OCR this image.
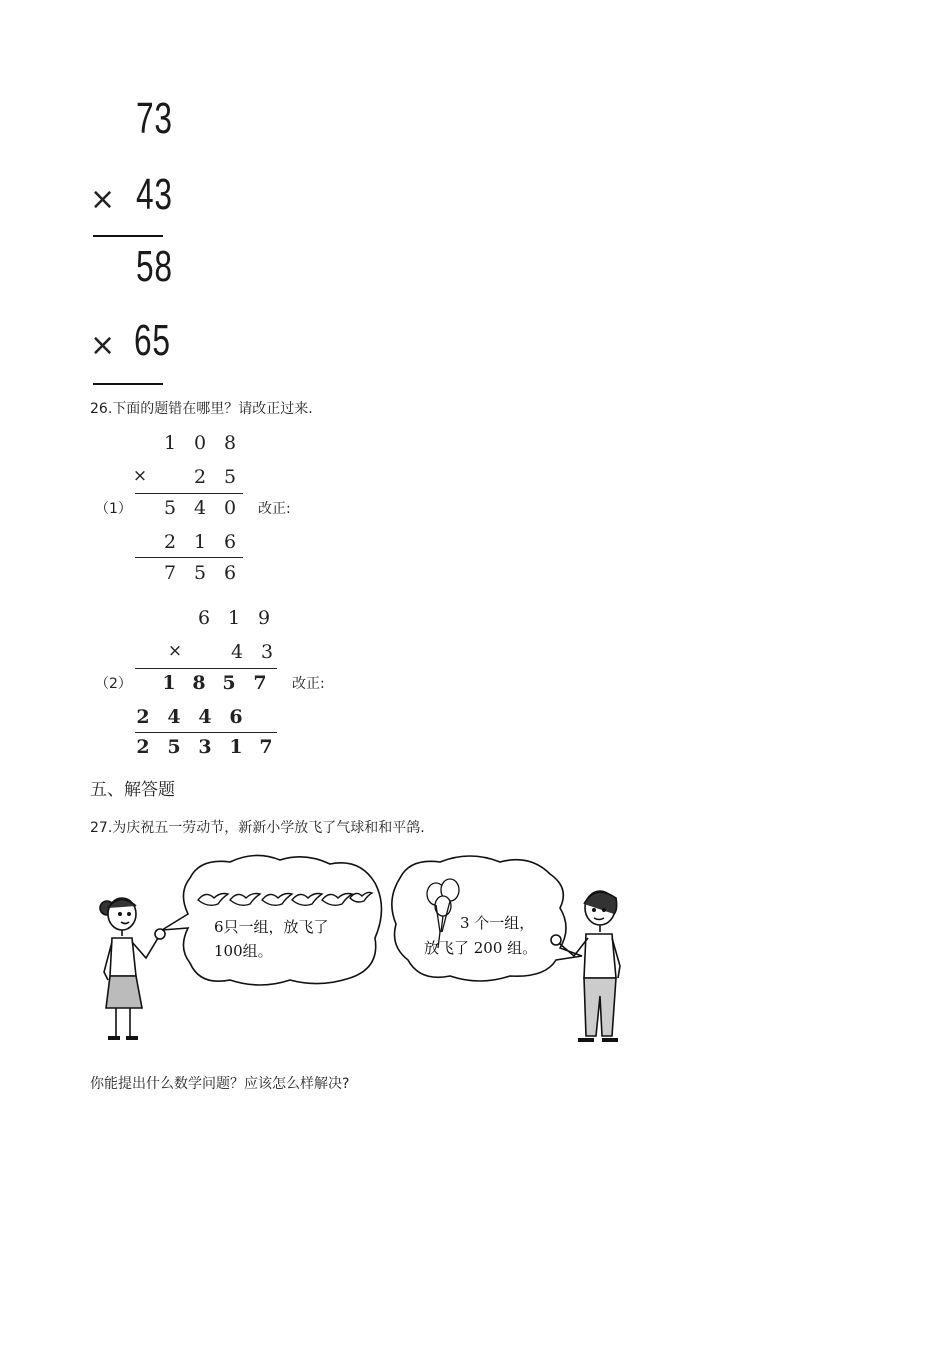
73
× 43
58
× 65
26.下面的题错在哪里？请改正过来.
1 0 8
×	2 5
（1）	5 4 0	改正:
2 1 6
7 5 6
6 1 9
×	4 3
（2）	1 8 5 7	改正:
2 4 4 6
2 5 3 1 7
五、解答题
27.为庆祝五一劳动节，新新小学放飞了气球和和平鸽.
6只一组，放飞了
100组。
3 个一组，
放飞了 200 组。
你能提出什么数学问题？应该怎么样解决?
